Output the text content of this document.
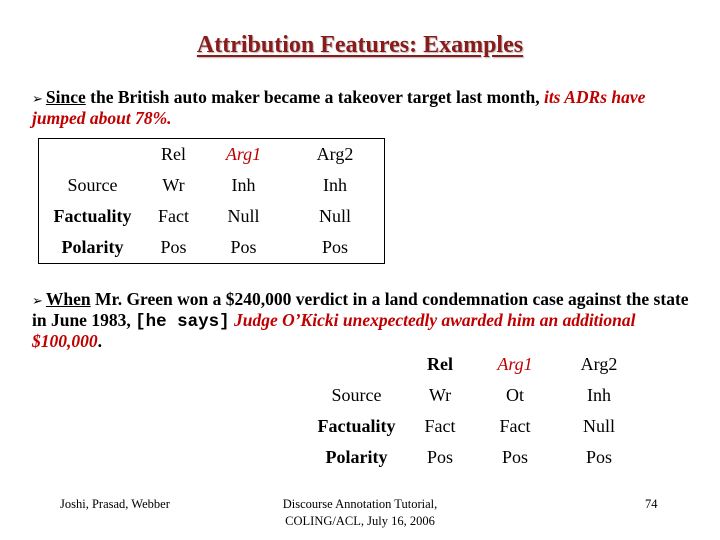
Attribution Features: Examples
➢ Since the British auto maker became a takeover target last month, its ADRs have jumped about 78%.
	Rel	Arg1	Arg2
Source	Wr	Inh	Inh
Factuality	Fact	Null	Null
Polarity	Pos	Pos	Pos
➢ When Mr. Green won a $240,000 verdict in a land condemnation case against the state in June 1983, [he says] Judge O’Kicki unexpectedly awarded him an additional $100,000.
	Rel	Arg1	Arg2
Source	Wr	Ot	Inh
Factuality	Fact	Fact	Null
Polarity	Pos	Pos	Pos
Joshi, Prasad, Webber	Discourse Annotation Tutorial,
COLING/ACL, July 16, 2006
74
